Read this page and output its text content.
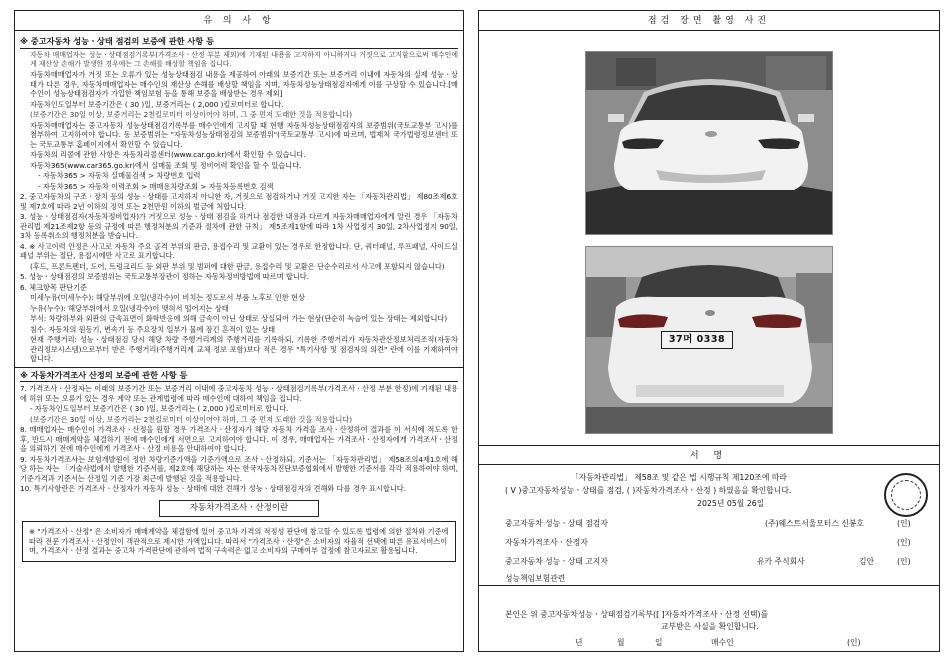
유 의 사 항
※ 중고자동차 성능ㆍ상태 점검의 보증에 관한 사항 등
자동차 매매업자는 성능ㆍ상태점검기록부(가격조사ㆍ산정 부분 제외)에 기재된 내용을 고지하지 아니하거나 거짓으로 고지함으로써 매수인에게 재산상 손해가 발생한 경우에는 그 손해를 배상할 책임을 집니다.
자동차매매업자가 거짓 또는 오류가 있는 성능상태점검 내용을 제공하여 아래의 보증기간 또는 보증거리 이내에 자동차의 실제 성능ㆍ상태가 다른 경우, 자동차매매업자는 매수인의 재산상 손해를 배상할 책임을 지며, 자동차성능상태점검자에게 이를 구상할 수 있습니다.[매수인이 성능상태점검자가 가입한 책임보험 등을 통해 보증을 배상받는 경우 제외]
자동차인도일부터 보증기간은 ( 30 )일, 보증거리는 ( 2,000 )킬로미터로 합니다.
(보증기간은 30일 이상, 보증거리는 2천킬로미터 이상이어야 하며, 그 중 먼저 도래한 것을 적용합니다)
자동차매매업자는 중고자동차 성능상태점검기록부를 매수인에게 고지할 때 현행 자동차성능상태점검자의 보증범위(국토교통부 고시)를 첨부하여 고지하여야 합니다. 동 보증범위는 "자동차성능상태점검의 보증범위"(국토교통부 고시)에 따르며, 법제처 국가법령정보센터 또는 국토교통부 홈페이지에서 확인할 수 있습니다.
자동차의 리콜에 관한 사항은 자동차리콜센터(www.car.go.kr)에서 확인할 수 있습니다.
자동차365(www.car365.go.kr)에서 실매물 조회 및 정비이력 확인을 할 수 있습니다.
- 자동차365 > 자동차 실매물검색 > 차량번호 입력
- 자동차365 > 자동차 이력조회 > 매매용차량조회 > 자동차등록번호 검색
2. 중고자동차의 구조ㆍ장치 등의 성능ㆍ상태를 고지하지 아니한 자, 거짓으로 점검하거나 거짓 고지한 자는 「자동차관리법」 제80조제6호 및 제7호에 따라 2년 이하의 징역 또는 2천만원 이하의 벌금에 처합니다.
3. 성능ㆍ상태점검자(자동차정비업자)가 거짓으로 성능ㆍ상태 점검을 하거나 점검한 내용과 다르게 자동차매매업자에게 알린 경우 「자동차관리법 제21조제2항 등의 규정에 따른 행정처분의 기준과 절차에 관한 규칙」 제5조제1항에 따라 1차 사업정지 30일, 2차사업정지 90일, 3차 등록취소의 행정처분을 받습니다.
4. ※ 사고이력 인정은 사고로 자동차 주요 골격 부위의 판금, 용접수리 및 교환이 있는 경우로 한정합니다. 단, 쿼터패널, 루프패널, 사이드실패널 부위는 절단, 용접시에만 사고로 표기합니다.
(후드, 프론트펜더, 도어, 트렁크리드 등 외판 부위 및 범퍼에 대한 판금, 용접수리 및 교환은 단순수리로서 사고에 포함되지 않습니다)
5. 성능ㆍ상태점검의 보증범위는 국토교통부장관이 정하는 자동차정비방법에 따르며 합니다.
6. 체크항목 판단기준
미세누유(미세누수): 해당부위에 오일(냉각수)이 비치는 정도로서 부품 노후로 인한 현상
누유(누수): 해당부위에서 오일(냉각수)이 맺혀서 떨어지는 상태
부식: 차량하부와 외판의 금속표면이 화학반응에 의해 금속이 아닌 상태로 상실되어 가는 현상(단순히 녹슬어 있는 상태는 제외합니다)
침수: 자동차의 원동기, 변속기 등 주요장치 일부가 물에 잠긴 흔적이 있는 상태
현재 주행거리: 성능ㆍ상태점검 당시 해당 차량 주행거리계의 주행거리를 기록하되, 기록한 주행거리가 자동차관산정보처리조직(자동차관리정보시스템)으로부터 받은 주행거리(주행거리계 교체 정보 포함)보다 적은 경우 "특기사항 및 점검자의 의견" 란에 이를 기재하여야 합니다.
※ 자동차가격조사 산정의 보증에 관한 사항 등
7. 가격조사ㆍ산정자는 이래의 보증기간 또는 보증거리 이내에 중고자동차 성능ㆍ상태점검기록부(가격조사ㆍ산정 부분 한정)에 기재된 내용에 허위 또는 오류가 있는 경우 계약 또는 관계법령에 따라 매수인에 대하여 책임을 집니다.
- 자동차인도일부터 보증기간은 ( 30 )일, 보증거리는 ( 2,000 )킬로미터로 합니다.
(보증기간은 30일 이상, 보증거리는 2천킬로미터 이상이어야 하며, 그 중 먼저 도래한 것을 적용합니다)
8. 매매업자는 매수인이 가격조사ㆍ산정을 원할 경우 가격조사ㆍ산정자가 해당 자동차 가격을 조사ㆍ산정하여 결과를 이 서식에 적도록 한 후, 반드시 매매계약을 체결하기 전에 매수인에게 서면으로 고지하여야 합니다. 이 경우, 매매업자는 가격조사ㆍ산정자에게 가격조사ㆍ산정을 의뢰하기 전에 매수인에게 가격조사ㆍ산정 비용을 안내하여야 합니다.
9. 자동차가격조사는 보험개발원이 정한 차량기준가액을 기준가액으로 조사ㆍ산정하되, 기준서는 「자동차관리법」 제58조의4제1호에 해당 하는 자는 「기술사법에서 발행한 기준서를, 제2호에 해당하는 자는 한국자동차진단보증협회에서 발행한 기준서를 각각 적용하여야 하며, 기준가격과 기준서는 산정일 기준 가장 최근에 발행된 것을 적용합니다.
10. 특기사항란은 가격조사ㆍ산정자가 자동차 성능ㆍ상태에 대한 견해가 성능ㆍ상태점검자의 견해와 다를 경우 표시합니다.
자동차가격조사ㆍ산정이란
※ "가격조사ㆍ산정" 은 소비자가 매매계약을 체결함에 있어 중고차 가격의 적정성 판단에 참고할 수 있도록 법령에 의한 절차와 기준에 따라 전문 가격조사ㆍ산정인이 객관적으로 제시한 가액입니다. 따라서 "가격조사ㆍ산정"은 소비자의 자율적 선택에 따른 유료서비스이며, 가격조사ㆍ산정 결과는 중고차 가격판단에 관하여 법적 구속력은 없고 소비자의 구매여부 결정에 참고자료로 활용됩니다.
점검 장면 촬영 사진
37머 0338
서 명
「자동차관리법」 제58조 및 같은 법 시행규칙 제120조에 따라
( V )중고자동차성능ㆍ상태를 점검, ( )자동차가격조사ㆍ산정 ) 하였음을 확인합니다.
2025년 05월 26일
중고자동차 성능ㆍ상태 점검자	(주)웨스트서울모터스 신봉호	(인)
자동차가격조사ㆍ산정자	(인)
중고자동차 성능ㆍ상태 고지자	유카 주식회사	김안	(인)
성능책임보험관련
본인은 위 중고자동차성능ㆍ상태점검기록부([ ]자동차가격조사ㆍ산정 선택)를
교부받은 사실을 확인합니다.
년	월	일	매수인	(인)
